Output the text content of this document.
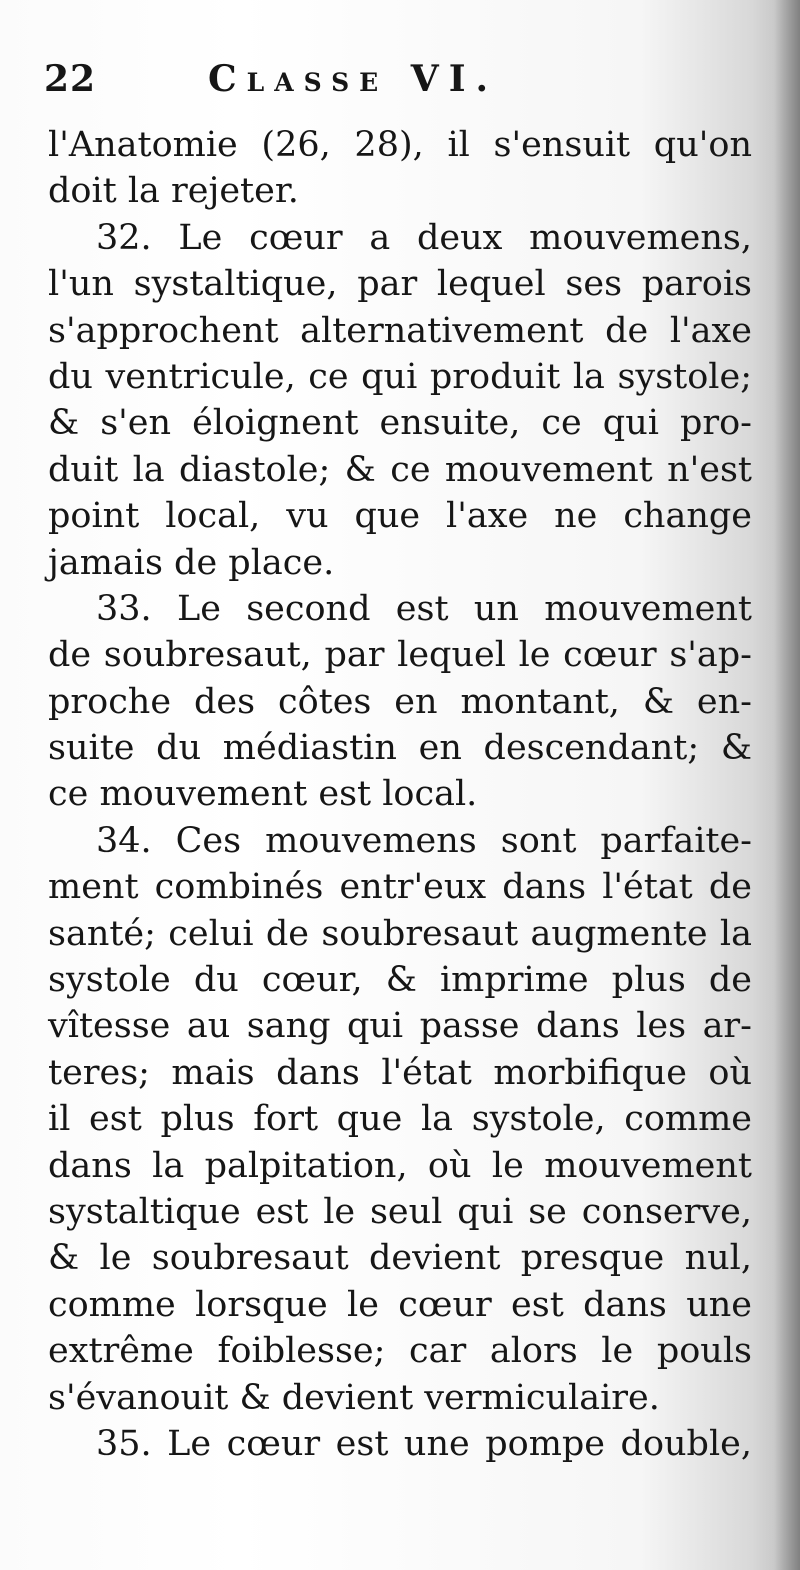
22	Classe VI.
l'Anatomie (26, 28), il s'ensuit qu'on
doit la rejeter.
32. Le cœur a deux mouvemens,
l'un systaltique, par lequel ses parois
s'approchent alternativement de l'axe
du ventricule, ce qui produit la systole;
& s'en éloignent ensuite, ce qui pro-
duit la diastole; & ce mouvement n'est
point local, vu que l'axe ne change
jamais de place.
33. Le second est un mouvement
de soubresaut, par lequel le cœur s'ap-
proche des côtes en montant, & en-
suite du médiastin en descendant; &
ce mouvement est local.
34. Ces mouvemens sont parfaite-
ment combinés entr'eux dans l'état de
santé; celui de soubresaut augmente la
systole du cœur, & imprime plus de
vîtesse au sang qui passe dans les ar-
teres; mais dans l'état morbifique où
il est plus fort que la systole, comme
dans la palpitation, où le mouvement
systaltique est le seul qui se conserve,
& le soubresaut devient presque nul,
comme lorsque le cœur est dans une
extrême foiblesse; car alors le pouls
s'évanouit & devient vermiculaire.
35. Le cœur est une pompe double,
